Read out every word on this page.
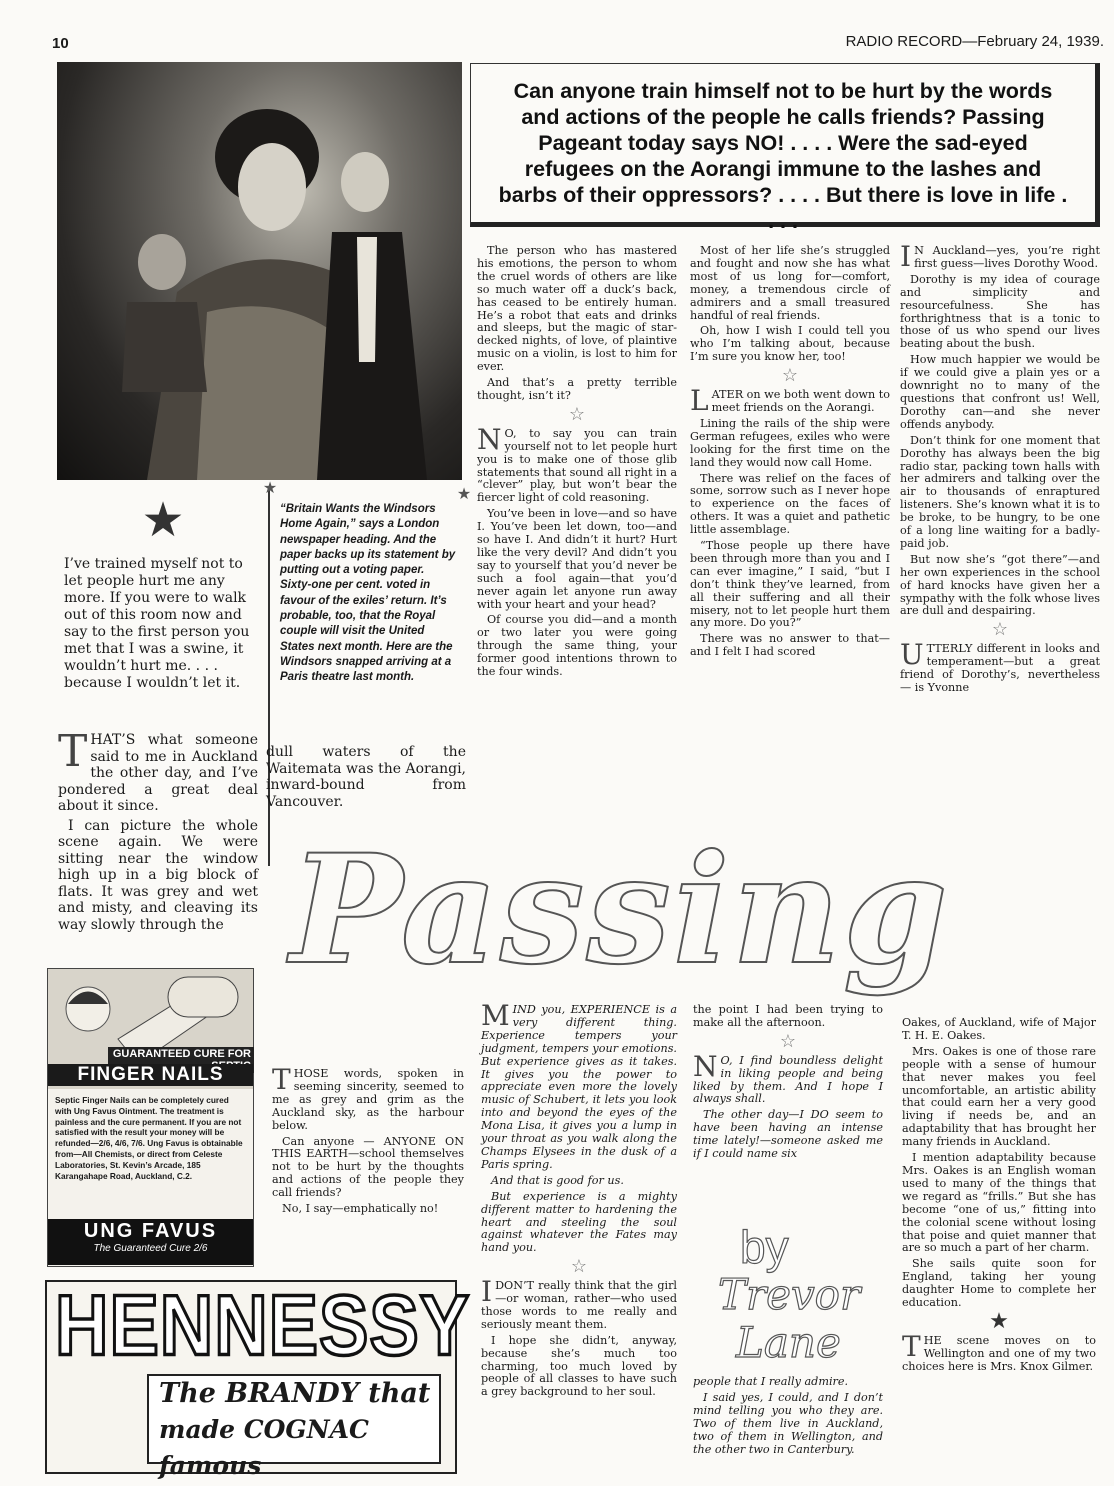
10	RADIO RECORD—February 24, 1939.
Can anyone train himself not to be hurt by the words and actions of the people he calls friends? Passing Pageant today says NO! . . . . Were the sad-eyed refugees on the Aorangi immune to the lashes and barbs of their oppressors? . . . . But there is love in life . . . .
★
I’ve trained myself not to let people hurt me any more. If you were to walk out of this room now and say to the first person you met that I was a swine, it wouldn’t hurt me. . . . because I wouldn’t let it.
★	★
“Britain Wants the Windsors Home Again,” says a London newspaper heading. And the paper backs up its statement by putting out a voting paper. Sixty-one per cent. voted in favour of the exiles’ return. It’s probable, too, that the Royal couple will visit the United States next month. Here are the Windsors snapped arriving at a Paris theatre last month.

THAT’S what someone said to me in Auckland the other day, and I’ve pondered a great deal about it since.

I can picture the whole scene again. We were sitting near the window high up in a big block of flats. It was grey and wet and misty, and cleaving its way slowly through the

dull waters of the Waitemata was the Aorangi, inward-bound from Vancouver.

The person who has mastered his emotions, the person to whom the cruel words of others are like so much water off a duck’s back, has ceased to be entirely human. He’s a robot that eats and drinks and sleeps, but the magic of star-decked nights, of love, of plaintive music on a violin, is lost to him for ever.

And that’s a pretty terrible thought, isn’t it?

☆

N O, to say you can train yourself not to let people hurt you is to make one of those glib statements that sound all right in a “clever” play, but won’t bear the fiercer light of cold reasoning.

You’ve been in love—and so have I. You’ve been let down, too—and so have I. And didn’t it hurt? Hurt like the very devil? And didn’t you say to yourself that you’d never be such a fool again—that you’d never again let anyone run away with your heart and your head?

Of course you did—and a month or two later you were going through the same thing, your former good intentions thrown to the four winds.

Most of her life she’s struggled and fought and now she has what most of us long for—comfort, money, a tremendous circle of admirers and a small treasured handful of real friends.

Oh, how I wish I could tell you who I’m talking about, because I’m sure you know her, too!

☆

LATER on we both went down to meet friends on the Aorangi.

Lining the rails of the ship were German refugees, exiles who were looking for the first time on the land they would now call Home.

There was relief on the faces of some, sorrow such as I never hope to experience on the faces of others. It was a quiet and pathetic little assemblage.

“Those people up there have been through more than you and I can ever imagine,” I said, “but I don’t think they’ve learned, from all their suffering and all their misery, not to let people hurt them any more. Do you?”

There was no answer to that—and I felt I had scored

I N Auckland—yes, you’re right first guess—lives Dorothy Wood.

Dorothy is my idea of courage and simplicity and resourcefulness. She has forthrightness that is a tonic to those of us who spend our lives beating about the bush.

How much happier we would be if we could give a plain yes or a downright no to many of the questions that confront us! Well, Dorothy can—and she never offends anybody.

Don’t think for one moment that Dorothy has always been the big radio star, packing town halls with her admirers and talking over the air to thousands of enraptured listeners. She’s known what it is to be broke, to be hungry, to be one of a long line waiting for a badly-paid job.

But now she’s “got there”—and her own experiences in the school of hard knocks have given her a sympathy with the folk whose lives are dull and despairing.

☆

UTTERLY different in looks and temperament—but a great friend of Dorothy’s, nevertheless — is Yvonne

Passing
GUARANTEED CURE FOR
FINGER NAILS
Septic Finger Nails can be completely cured with Ung Favus Ointment. The treatment is painless and the cure permanent. If you are not satisfied with the result your money will be refunded—2/6, 4/6, 7/6. Ung Favus is obtainable from—All Chemists, or direct from Celeste Laboratories, St. Kevin’s Arcade, 185 Karangahape Road, Auckland, C.2.
UNG FAVUS
The Guaranteed Cure 2/6
HENNESSY
The BRANDY that
made COGNAC famous

THOSE words, spoken in seeming sincerity, seemed to me as grey and grim as the Auckland sky, as the harbour below.

Can anyone — ANYONE ON THIS EARTH—school themselves not to be hurt by the thoughts and actions of the people they call friends?

No, I say—emphatically no!

MIND you, EXPERIENCE is a very different thing. Experience tempers your judgment, tempers your emotions. But experience gives as it takes. It gives you the power to appreciate even more the lovely music of Schubert, it lets you look into and beyond the eyes of the Mona Lisa, it gives you a lump in your throat as you walk along the Champs Elysees in the dusk of a Paris spring.

And that is good for us.

But experience is a mighty different matter to hardening the heart and steeling the soul against whatever the Fates may hand you.

☆

IDON’T really think that the girl—or woman, rather—who used those words to me really and seriously meant them.

I hope she didn’t, anyway, because she’s much too charming, too much loved by people of all classes to have such a grey background to her soul.

the point I had been trying to make all the afternoon.

☆

N O, I find boundless delight in liking people and being liked by them. And I hope I always shall.

The other day—I DO seem to have been having an intense time lately!—someone asked me if I could name six

by
Trevor
Lane

people that I really admire.

I said yes, I could, and I don’t mind telling you who they are. Two of them live in Auckland, two of them in Wellington, and the other two in Canterbury.

Oakes, of Auckland, wife of Major T. H. E. Oakes.

Mrs. Oakes is one of those rare people with a sense of humour that never makes you feel uncomfortable, an artistic ability that could earn her a very good living if needs be, and an adaptability that has brought her many friends in Auckland.

I mention adaptability because Mrs. Oakes is an English woman used to many of the things that we regard as “frills.” But she has become “one of us,” fitting into the colonial scene without losing that poise and quiet manner that are so much a part of her charm.

She sails quite soon for England, taking her young daughter Home to complete her education.

★

THE scene moves on to Wellington and one of my two choices here is Mrs. Knox Gilmer.
